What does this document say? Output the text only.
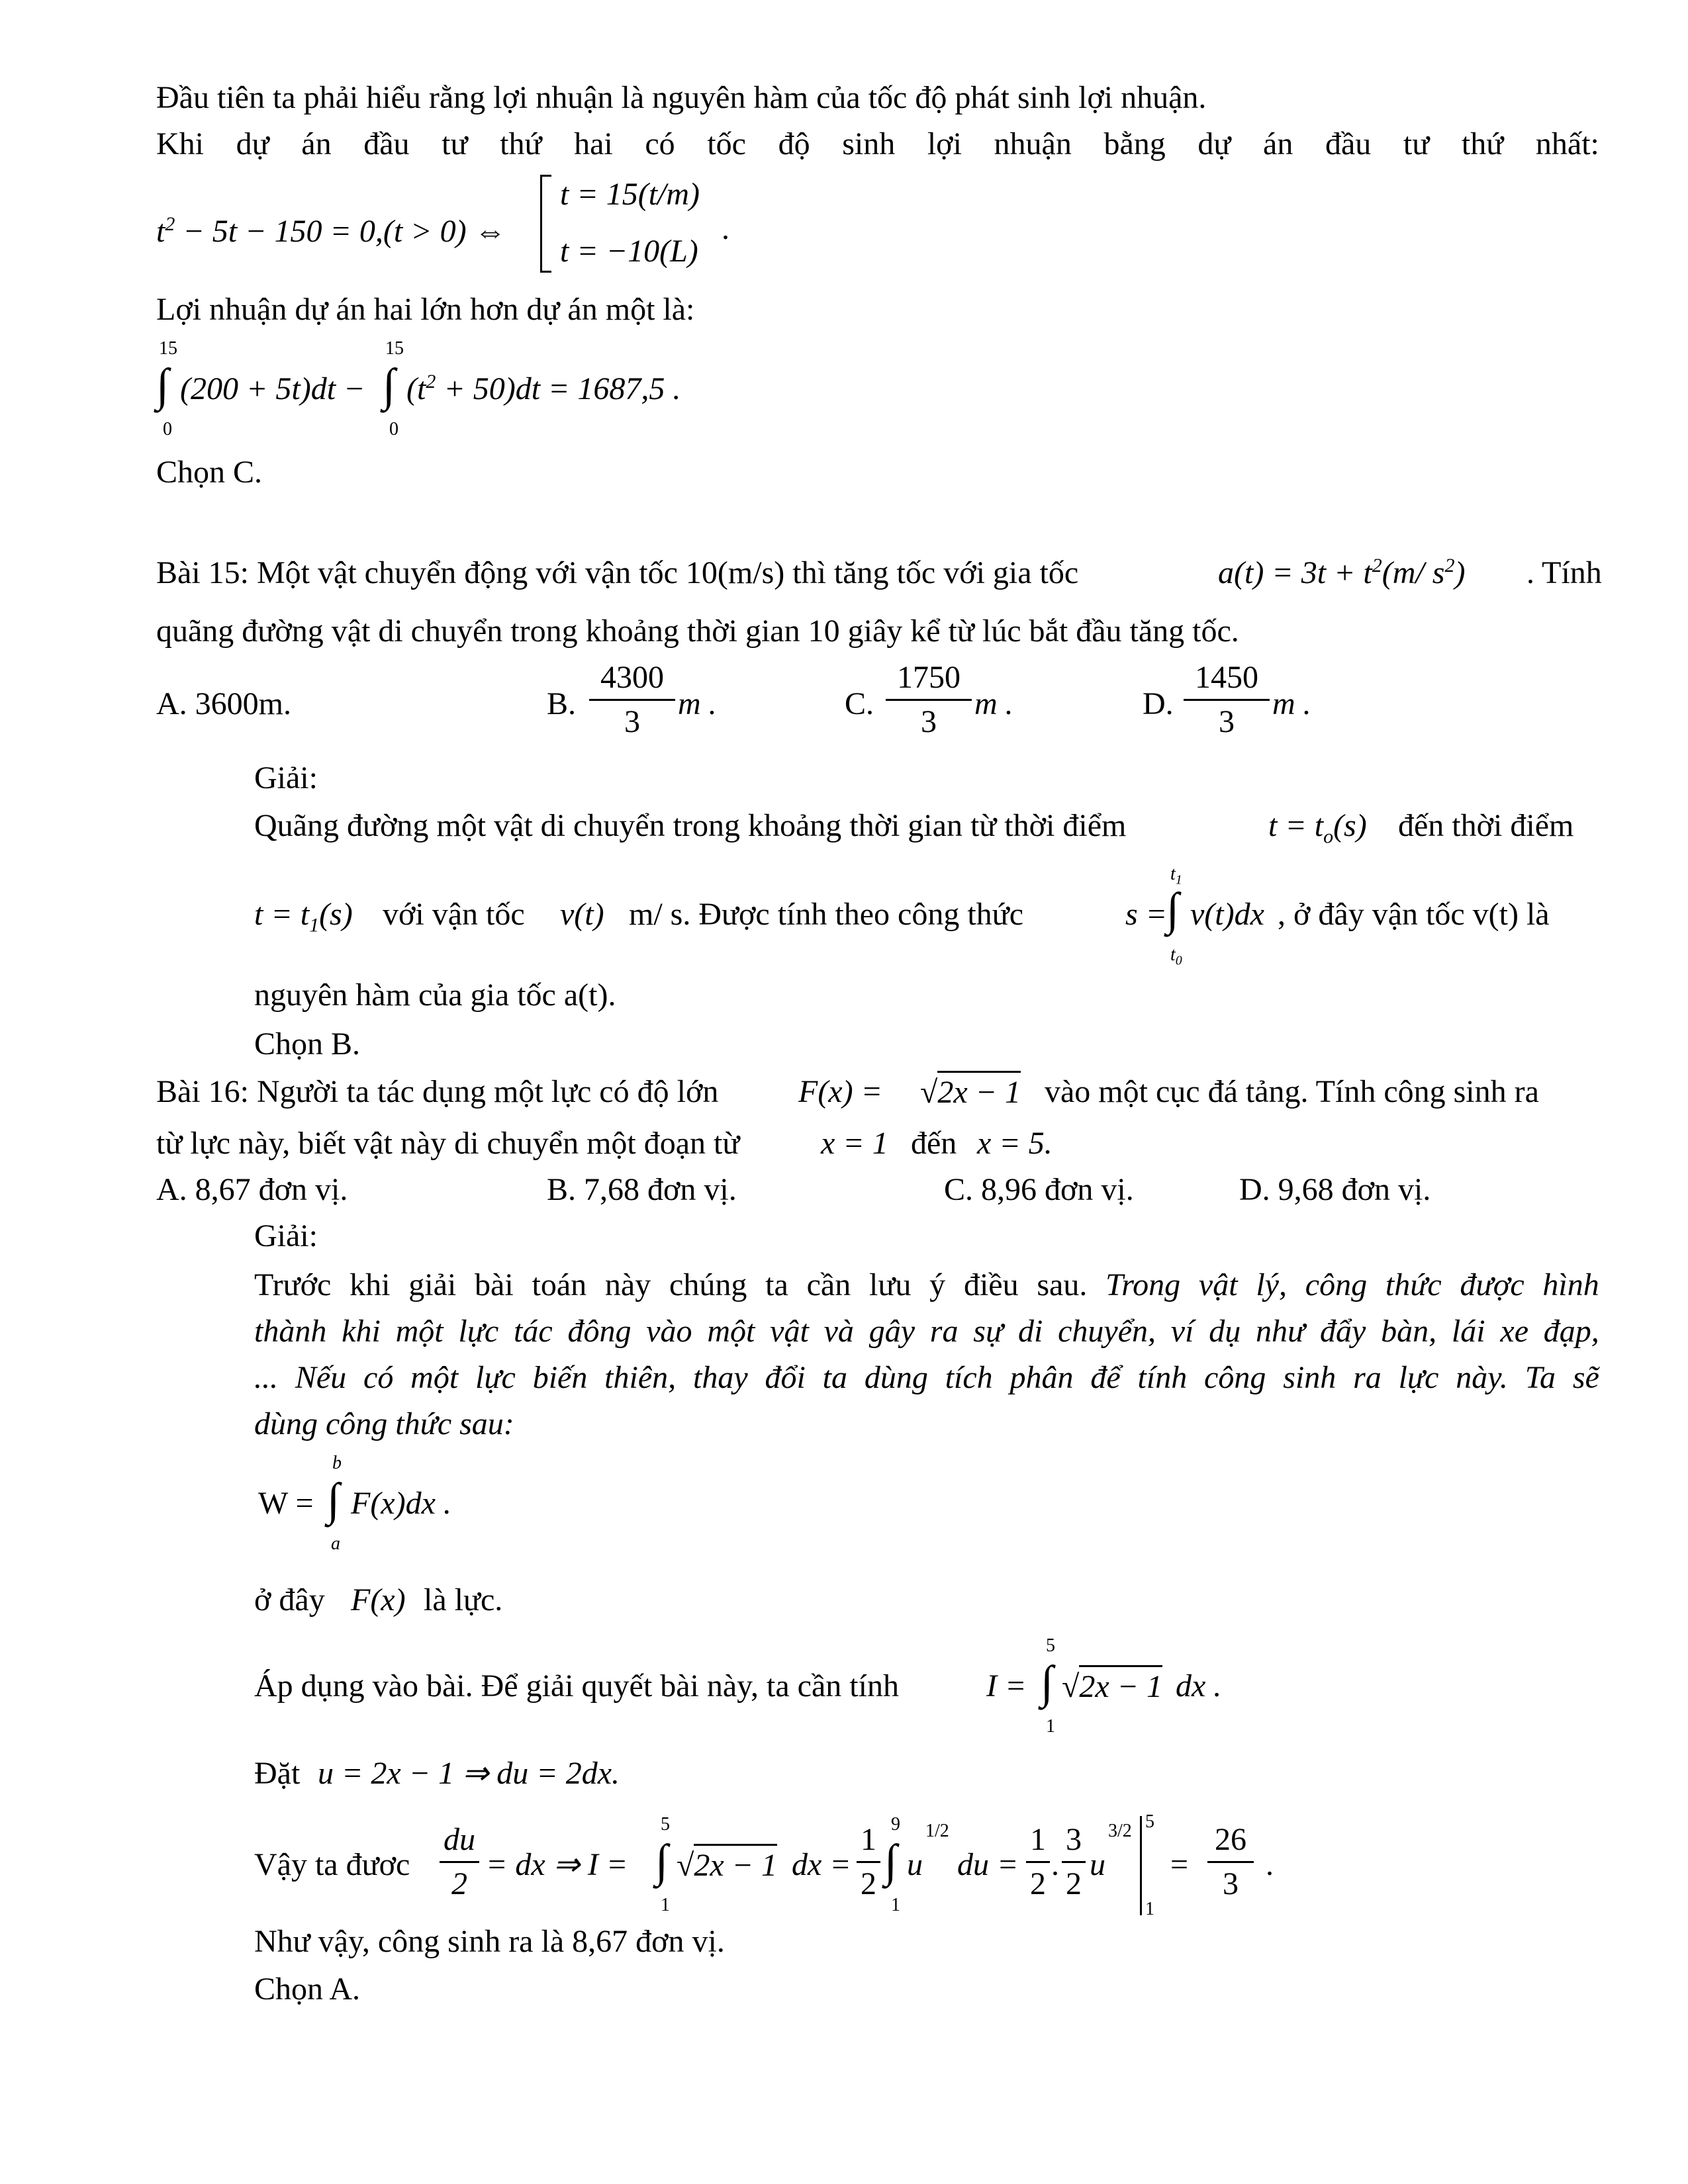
Đầu tiên ta phải hiểu rằng lợi nhuận là nguyên hàm của tốc độ phát sinh lợi nhuận.
Khi dự án đầu tư thứ hai có tốc độ sinh lợi nhuận bằng dự án đầu tư thứ nhất:
$t^2 - 5t - 150 = 0,(t > 0)$ ⇔
t = 15(t/m)
t = −10(L)
.
Lợi nhuận dự án hai lớn hơn dự án một là:
15
∫
0
(200 + 5t)dt −
15
∫
0
$(t^2 + 50)dt = 1687,5$ .
Chọn C.
Bài 15: Một vật chuyển động với vận tốc 10(m/s) thì tăng tốc với gia tốc	$a(t) = 3t + t^2(m/$ $s^2$) . Tính
quãng đường vật di chuyển trong khoảng thời gian 10 giây kể từ lúc bắt đầu tăng tốc.
A. 3600m.	B.
4300
3
m .	C.
1750
3
m .	D.
1450
3
m .
Giải:
Quãng đường một vật di chuyển trong khoảng thời gian từ thời điểm	$t = t_o(s)$ đến thời điểm
$t = t_1(s)$ với vận tốc v(t) m/ s. Được tính theo công thức	s =
$t_1$
∫
$t_0$
v(t)dx , ở đây vận tốc v(t) là
nguyên hàm của gia tốc a(t).
Chọn B.
Bài 16: Người ta tác dụng một lực có độ lớn	F(x) = √2x − 1 vào một cục đá tảng. Tính công sinh ra
từ lực này, biết vật này di chuyển một đoạn từ	x = 1 đến x = 5.
A. 8,67 đơn vị.	B. 7,68 đơn vị.	C. 8,96 đơn vị.	D. 9,68 đơn vị.
Giải:
Trước khi giải bài toán này chúng ta cần lưu ý điều sau. Trong vật lý, công thức được hình
thành khi một lực tác đông vào một vật và gây ra sự di chuyển, ví dụ như đẩy bàn, lái xe đạp,
... Nếu có một lực biến thiên, thay đổi ta dùng tích phân để tính công sinh ra lực này. Ta sẽ
dùng công thức sau:
W =
b
∫
a
F(x)dx .
ở đây F(x) là lực.
Áp dụng vào bài. Để giải quyết bài này, ta cần tính	I =
5
∫
1
√2x − 1 dx .
Đặt u = 2x − 1 ⇒ du = 2dx.
Vậy ta đươc
du
2
= dx ⇒ I =
5
∫
1
√2x − 1 dx =
1
2
9
∫
1
u
1/2
du =
1
2
.
3
2
u
3/2 5
1
=
26
3
.
Như vậy, công sinh ra là 8,67 đơn vị.
Chọn A.
